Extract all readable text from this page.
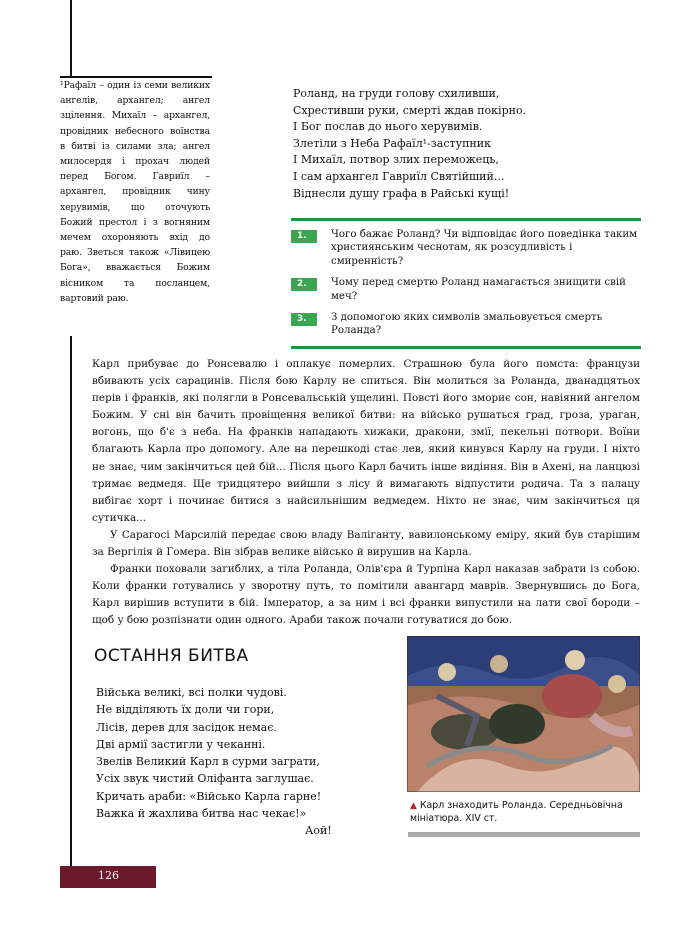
¹Рафаїл – один із семи великих ангелів, архангел; ангел зцілення. Михаїл – архангел, провідник небесного воїнства в битві із силами зла; ангел милосердя і прохач людей перед Богом. Гавриїл – архангел, провідник чину херувимів, що оточують Божий престол і з вогняним мечем охороняють вхід до раю. Зветься також «Лівицею Бога», вважається Божим вісником та посланцем, вартовий раю.
Роланд, на груди голову схиливши,
Схрестивши руки, смерті ждав покірно.
І Бог послав до нього херувимів.
Злетіли з Неба Рафаїл¹-заступник
І Михаїл, потвор злих переможець,
І сам архангел Гавриїл Святійший...
Віднесли душу графа в Райські кущі!
1.	Чого бажає Роланд? Чи відповідає його поведінка таким християнським чеснотам, як розсудливість і смиренність?
2.	Чому перед смертю Роланд намагається знищити свій меч?
3.	З допомогою яких символів змальовується смерть Роланда?

Карл прибуває до Ронсевалю і оплакує померлих. Страшною була його помста: французи вбивають усіх сарацинів. Після бою Карлу не спиться. Він молиться за Роланда, дванадцятьох перів і франків, які полягли в Ронсевальській ущелині. Повсті його змориє сон, навіяний ангелом Божим. У сні він бачить провіщення великої битви: на військо рушаться град, гроза, ураган, вогонь, що б'є з неба. На франків нападають хижаки, дракони, змії, пекельні потвори. Воїни благають Карла про допомогу. Але на перешкоді стає лев, який кинувся Карлу на груди. І ніхто не знає, чим закінчиться цей бій... Після цього Карл бачить інше видіння. Він в Ахені, на ланцюзі тримає ведмедя. Ще тридцятеро вийшли з лісу й вимагають відпустити родича. Та з палацу вибігає хорт і починає битися з найсильнішим ведмедем. Ніхто не знає, чим закінчиться ця сутичка...

У Сарагосі Марсилій передає свою владу Валіганту, вавилонському еміру, який був старішим за Вергілія й Гомера. Він зібрав велике військо й вирушив на Карла.

Франки поховали загиблих, а тіла Роланда, Олів'єра й Турпіна Карл наказав забрати із собою. Коли франки готувались у зворотну путь, то помітили авангард маврів. Звернувшись до Бога, Карл вирішив вступити в бій. Імператор, а за ним і всі франки випустили на лати свої бороди – щоб у бою розпізнати один одного. Араби також почали готуватися до бою.

ОСТАННЯ БИТВА
Війська великі, всі полки чудові.
Не відділяють їх доли чи гори,
Лісів, дерев для засідок немає.
Дві армії застигли у чеканні.
Звелів Великий Карл в сурми заграти,
Усіх звук чистий Оліфанта заглушає.
Кричать араби: «Військо Карла гарне!
Важка й жахлива битва нас чекає!»
Аой!
▲ Карл знаходить Роланда. Середньовічна мініатюра. XIV ст.
126
